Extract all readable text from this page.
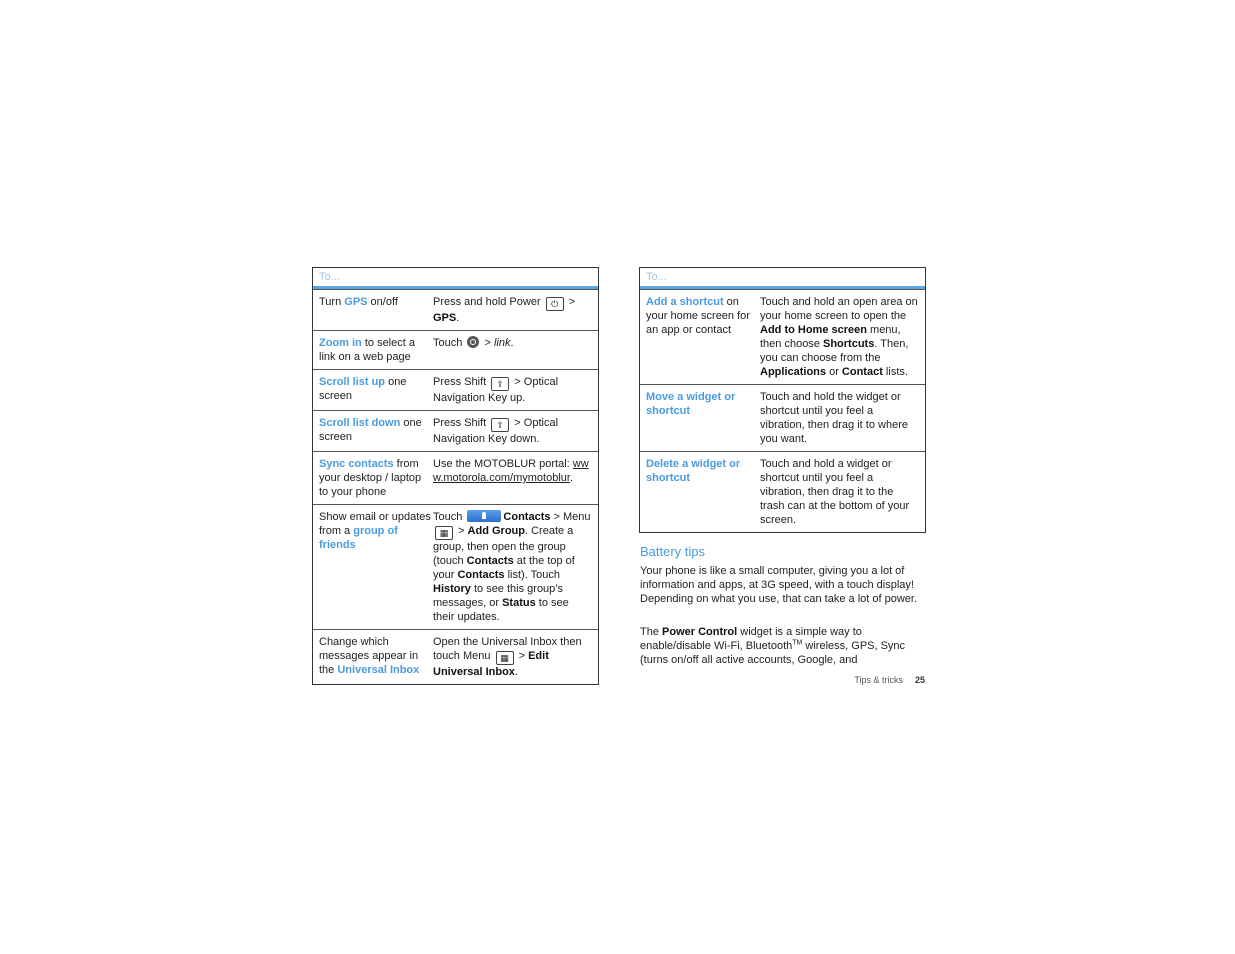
To...
Turn GPS on/off	Press and hold Power ⏻ > GPS.
Zoom in to select a link on a web page
Touch  > link.
Scroll list up one screen
Press Shift ⇪ > Optical Navigation Key up.
Scroll list down one screen
Press Shift ⇪ > Optical Navigation Key down.
Sync contacts from your desktop / laptop to your phone
Use the MOTOBLUR portal: www.motorola.com/mymotoblur.
Show email or updates from a group of friends
Touch	Contacts > Menu ▦ > Add Group. Create a group, then open the group (touch Contacts at the top of your Contacts list). Touch History to see this group’s messages, or Status to see their updates.
Change which messages appear in the Universal Inbox
Open the Universal Inbox then touch Menu ▦ > Edit Universal Inbox.
To...
Add a shortcut on your home screen for an app or contact
Touch and hold an open area on your home screen to open the Add to Home screen menu, then choose Shortcuts. Then, you can choose from the Applications or Contact lists.
Move a widget or shortcut
Touch and hold the widget or shortcut until you feel a vibration, then drag it to where you want.
Delete a widget or shortcut
Touch and hold a widget or shortcut until you feel a vibration, then drag it to the trash can at the bottom of your screen.
Battery tips
Your phone is like a small computer, giving you a lot of information and apps, at 3G speed, with a touch display! Depending on what you use, that can take a lot of power.
The Power Control widget is a simple way to enable/disable Wi-Fi, Bluetooth™ wireless, GPS, Sync (turns on/off all active accounts, Google, and
Tips & tricks 25
